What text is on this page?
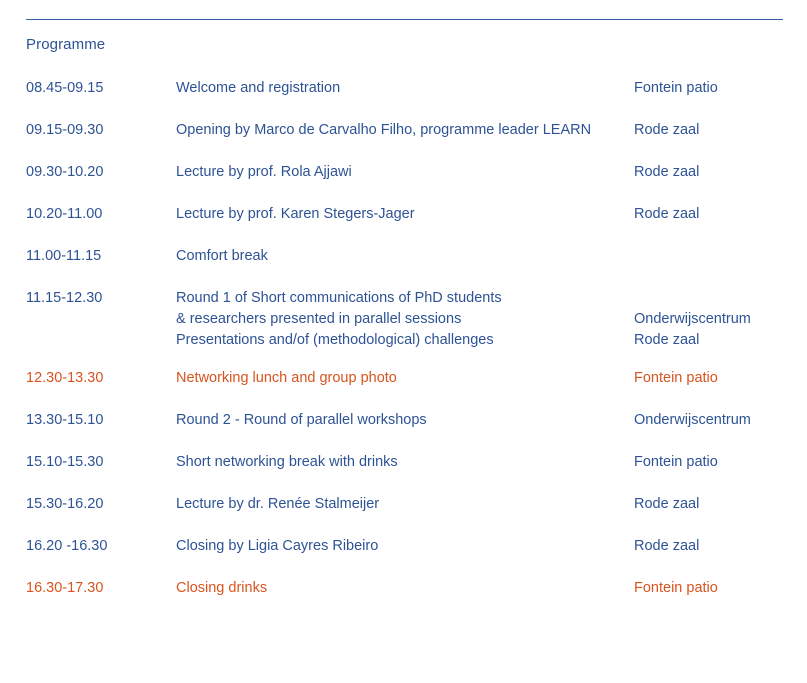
Programme
08.45-09.15	Welcome and registration	Fontein patio

09.15-09.30	Opening by Marco de Carvalho Filho, programme leader LEARN	Rode zaal

09.30-10.20	Lecture by prof. Rola Ajjawi	Rode zaal

10.20-11.00	Lecture by prof. Karen Stegers-Jager	Rode zaal

11.00-11.15	Comfort break	

11.15-12.30	Round 1 of Short communications of PhD students
& researchers presented in parallel sessions
Presentations and/of (methodological) challenges	Onderwijscentrum
Rode zaal

12.30-13.30	Networking lunch and group photo	Fontein patio

13.30-15.10	Round 2 - Round of parallel workshops	Onderwijscentrum

15.10-15.30	Short networking break with drinks	Fontein patio

15.30-16.20	Lecture by dr. Renée Stalmeijer	Rode zaal

16.20 -16.30	Closing by Ligia Cayres Ribeiro	Rode zaal

16.30-17.30	Closing drinks	Fontein patio
